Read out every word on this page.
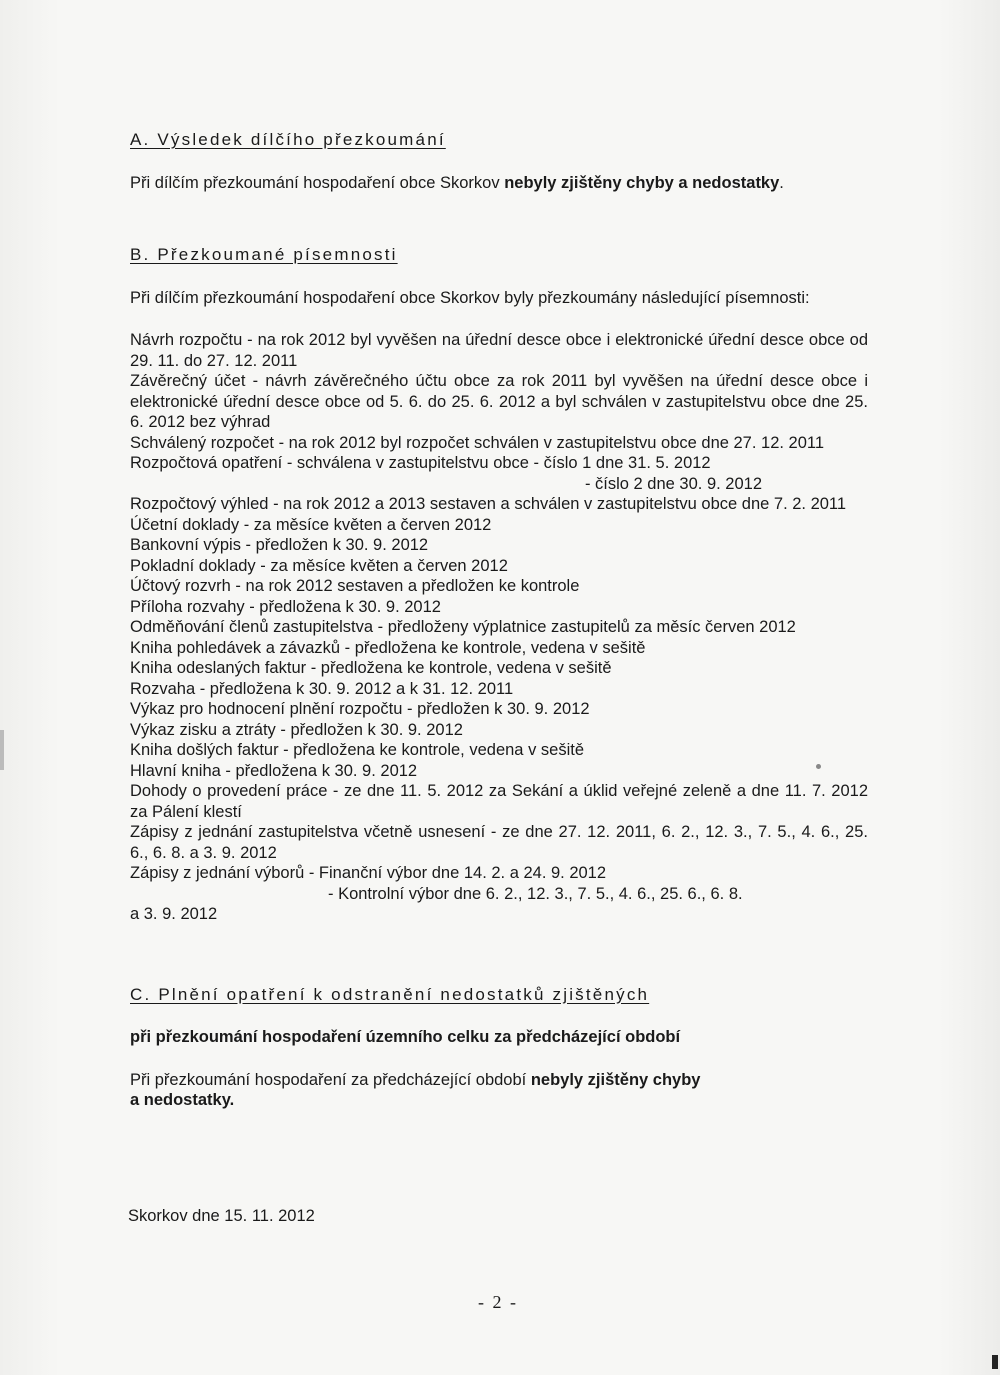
A. Výsledek dílčího přezkoumání

Při dílčím přezkoumání hospodaření obce Skorkov nebyly zjištěny chyby a nedostatky.

B. Přezkoumané písemnosti

Při dílčím přezkoumání hospodaření obce Skorkov byly přezkoumány následující písemnosti:

Návrh rozpočtu - na rok 2012 byl vyvěšen na úřední desce obce i elektronické úřední desce obce od 29. 11. do 27. 12. 2011

Závěrečný účet - návrh závěrečného účtu obce za rok 2011 byl vyvěšen na úřední desce obce i elektronické úřední desce obce od 5. 6. do 25. 6. 2012 a byl schválen v zastupitelstvu obce dne 25. 6. 2012 bez výhrad

Schválený rozpočet - na rok 2012 byl rozpočet schválen v zastupitelstvu obce dne 27. 12. 2011

Rozpočtová opatření - schválena v zastupitelstvu obce - číslo 1 dne 31. 5. 2012

- číslo 2 dne 30. 9. 2012

Rozpočtový výhled - na rok 2012 a 2013 sestaven a schválen v zastupitelstvu obce dne 7. 2. 2011

Účetní doklady - za měsíce květen a červen 2012

Bankovní výpis - předložen k 30. 9. 2012

Pokladní doklady - za měsíce květen a červen 2012

Účtový rozvrh - na rok 2012 sestaven a předložen ke kontrole

Příloha rozvahy - předložena k 30. 9. 2012

Odměňování členů zastupitelstva - předloženy výplatnice zastupitelů za měsíc červen 2012

Kniha pohledávek a závazků - předložena ke kontrole, vedena v sešitě

Kniha odeslaných faktur - předložena ke kontrole, vedena v sešitě

Rozvaha - předložena k 30. 9. 2012 a k 31. 12. 2011

Výkaz pro hodnocení plnění rozpočtu - předložen k 30. 9. 2012

Výkaz zisku a ztráty - předložen k 30. 9. 2012

Kniha došlých faktur - předložena ke kontrole, vedena v sešitě

Hlavní kniha - předložena k 30. 9. 2012

Dohody o provedení práce - ze dne 11. 5. 2012 za Sekání a úklid veřejné zeleně a dne 11. 7. 2012 za Pálení klestí

Zápisy z jednání zastupitelstva včetně usnesení - ze dne 27. 12. 2011, 6. 2., 12. 3., 7. 5., 4. 6., 25. 6., 6. 8. a 3. 9. 2012

Zápisy z jednání výborů - Finanční výbor dne 14. 2. a 24. 9. 2012

- Kontrolní výbor dne 6. 2., 12. 3., 7. 5., 4. 6., 25. 6., 6. 8.

a 3. 9. 2012

C. Plnění opatření k odstranění nedostatků zjištěných

při přezkoumání hospodaření územního celku za předcházející období

Při přezkoumání hospodaření za předcházející období nebyly zjištěny chyby

a nedostatky.

Skorkov dne 15. 11. 2012

- 2 -
